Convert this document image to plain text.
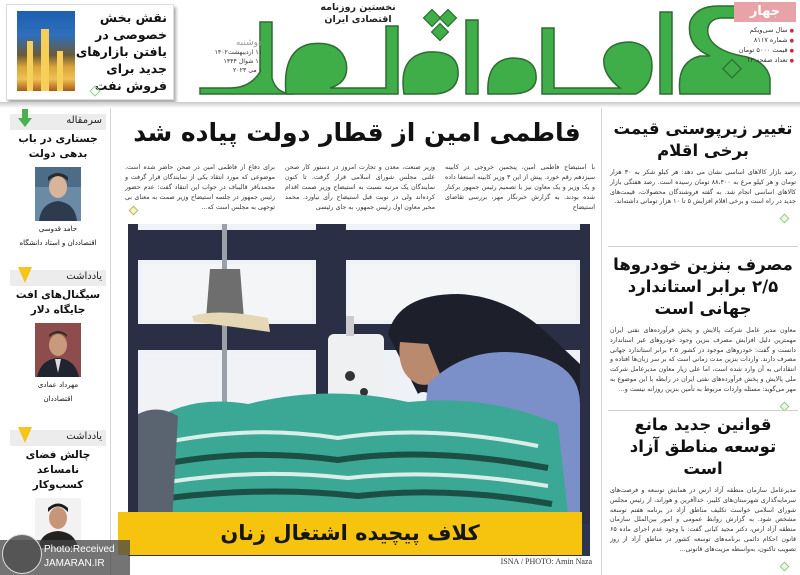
نقش بخش خصوصی در یافتن بازارهای جدید برای فروش نفت
نخستین روزنامه
اقتصادی ایران
دوشنبه
۱۱ اردیبهشت۱۴۰۲
۱۰ شوال ۱۴۴۴
۱ می ۲۰۲۳
جهار
● سال سی‌ویکم
● شماره ۸۱۱۷
● قیمت ۵۰۰۰ تومان
● تعداد صفحه:۱۲
سرمقاله
جستاری در باب بدهی دولت
حامد قدوسی
اقتصاددان و استاد دانشگاه
یادداشت
سیگنال‌های افت جایگاه دلار
مهرداد عمادی
اقتصاددان
یادداشت
چالش فضای نامساعد کسب‌وکار
فاطمی امین از قطار دولت پیاده شد
با استیضاح فاطمی امین، پنجمین خروجی در کابینه سیزدهم رقم خورد. پیش از این ۳ وزیر کابینه استعفا داده و یک وزیر و یک معاون نیز با تصمیم رئیس جمهور برکنار شده بودند. به گزارش خبرنگار مهر، بررسی تقاضای استیضاح
وزیر صنعت، معدن و تجارت امروز در دستور کار صحن علنی مجلس شورای اسلامی قرار گرفت. تا کنون نمایندگان یک مرتبه نسبت به استیضاح وزیر صمت اقدام کرده‌اند ولی در نوبت قبل استیضاح رأی نیاورد. محمد مخبر معاون اول رئیس جمهور، به جای رئیسی
برای دفاع از فاطمی امین در صحن حاضر شده است. موضوعی که مورد انتقاد یکی از نمایندگان قرار گرفت و محمدباقر قالیباف در جواب این انتقاد گفت: عدم حضور رئیس جمهور در جلسه استیضاح وزیر صمت به معنای بی توجهی به مجلس است که...
کلاف پیچیده اشتغال زنان
ISNA / PHOTO: Amin Naza
تغییر زیرپوستی قیمت برخی اقلام
رصد بازار کالاهای اساسی نشان می دهد: هر کیلو شکر به ۳۰ هزار تومان و هر کیلو مرغ به ۸۸،۴۰۰ تومان رسیده است. رصد هفتگی بازار کالاهای اساسی انجام شد. به گفته فروشندگان محصولات، قیمت‌های جدید در راه است و برخی اقلام افزایش ۵ تا ۱۰ هزار تومانی داشته‌اند.
مصرف بنزین خودروها ۲/۵ برابر استاندارد جهانی است
معاون مدیر عامل شرکت پالایش و پخش فرآورده‌های نفتی ایران مهمترین دلیل افزایش مصرف بنزین وجود خودروهای غیر استاندارد دانست و گفت: خودروهای موجود در کشور ۲.۵ برابر استاندارد جهانی مصرف دارند. واردات بنزین مدت زمانی است که بر سر زبان‌ها افتاده و انتقاداتی به آن وارد شده است، اما علی زیار معاون مدیرعامل شرکت ملی پالایش و پخش فرآورده‌های نفتی ایران در رابطه با این موضوع به مهر می‌گوید: مسئله واردات مربوط به تأمین بنزین روزانه نیست و...
قوانین جدید مانع توسعه مناطق آزاد است
مدیرعامل سازمان منطقه آزاد ارس در همایش توسعه و فرصت‌های سرمایه‌گذاری شهرستان‌های کلیبر، خداآفرین و هوراند، از رئیس مجلس شورای اسلامی خواست تکلیف مناطق آزاد در برنامه هفتم توسعه مشخص شود. به گزارش روابط عمومی و امور بین‌الملل سازمان منطقه آزاد ارس، دکتر مجید کیانی گفت: با وجود عدم اجرای ماده ۶۵ قانون احکام دائمی برنامه‌های توسعه کشور در مناطق آزاد از روز تصویب تاکنون، به‌واسطه مزیت‌های قانونی...
Photo:Received
JAMARAN.IR
